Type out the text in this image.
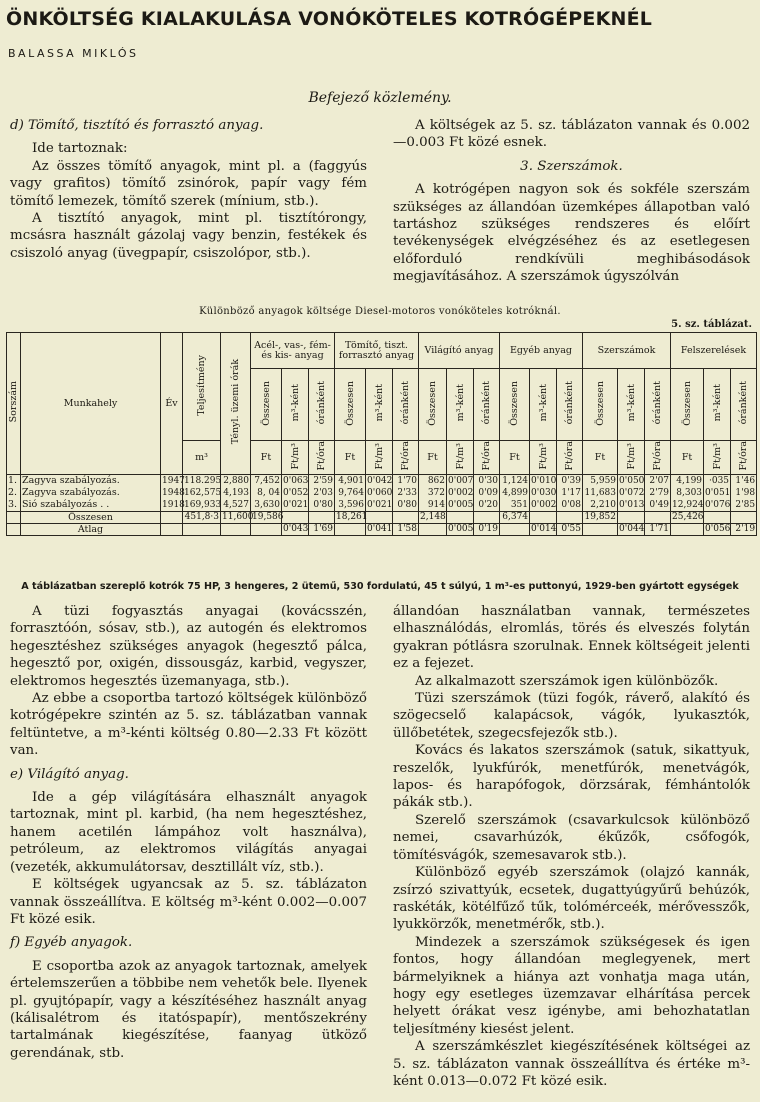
ÖNKÖLTSÉG KIALAKULÁSA VONÓKÖTELES KOTRÓGÉPEKNÉL
BALASSA MIKLÓS
Befejező közlemény.

d) Tömítő, tisztító és forrasztó anyag.

Ide tartoznak:

Az összes tömítő anyagok, mint pl. a (faggyús vagy grafitos) tömítő zsinórok, papír vagy fém tömítő lemezek, tömítő szerek (mínium, stb.).

A tisztító anyagok, mint pl. tisztítórongy, mcsásra használt gázolaj vagy benzin, festékek és csiszoló anyag (üvegpapír, csiszolópor, stb.).

A költségek az 5. sz. táblázaton vannak és 0.002—0.003 Ft közé esnek.

3. Szerszámok.

A kotrógépen nagyon sok és sokféle szerszám szükséges az állandóan üzemképes állapotban való tartáshoz szükséges rendszeres és előírt tevékenységek elvégzéséhez és az esetlegesen előforduló rendkívüli meghibásodások megjavításához. A szerszámok úgyszólván

Különböző anyagok költsége Diesel-motoros vonóköteles kotróknál.
5. sz. táblázat.
Sorszám	Munkahely	Év	Teljesítmény	Tényl. üzemi órák	Acél-, vas-, fém- és kis- anyag			Tömítő, tiszt. forrasztó anyag			Világító anyag			Egyéb anyag			Szerszámok			Felszerelések		
					Összesen	m³-ként	óránként	Összesen	m³-ként	óránként	Összesen	m³-ként	óránként	Összesen	m³-ként	óránként	Összesen	m³-ként	óránként	Összesen	m³-ként	óránként
			m³		Ft	Ft/m³	Ft/óra	Ft	Ft/m³	Ft/óra	Ft	Ft/m³	Ft/óra	Ft	Ft/m³	Ft/óra	Ft	Ft/m³	Ft/óra	Ft	Ft/m³	Ft/óra
1.	Zagyva szabályozás.	1947	118.295	2,880	7,452	0'063	2'59	4,901	0'042	1'70	862	0'007	0'30	1,124	0'010	0'39	5,959	0'050	2'07	4,199	·035	1'46
2.	Zagyva szabályozás.	1948	162,575	4,193	8, 04	0'052	2'03	9,764	0'060	2'33	372	0'002	0'09	4,899	0'030	1'17	11,683	0'072	2'79	8,303	0'051	1'98
3.	Sió szabályozás . .	1918	169,933	4,527	3,630	0'021	0'80	3,596	0'021	0'80	914	0'005	0'20	351	0'002	0'08	2,210	0'013	0'49	12,924	0'076	2'85
	Összesen		451,8·3	11,600	19,586			18,261			2,148			6,374			19,852			25,426		
	Atlag					0'043	1'69		0'041	1'58		0'005	0'19		0'014	0'55		0'044	1'71		0'056	2'19
A táblázatban szereplő kotrók 75 HP, 3 hengeres, 2 ütemű, 530 fordulatú, 45 t súlyú, 1 m³-es puttonyú, 1929-ben gyártott egységek

A tüzi fogyasztás anyagai (kovácsszén, forrasztóón, sósav, stb.), az autogén és elektromos hegesztéshez szükséges anyagok (hegesztő pálca, hegesztő por, oxigén, dissousgáz, karbid, vegyszer, elektromos hegesztés üzemanyaga, stb.).

Az ebbe a csoportba tartozó költségek különböző kotrógépekre szintén az 5. sz. táblázatban vannak feltüntetve, a m³-kénti költség 0.80—2.33 Ft között van.

e) Világító anyag.

Ide a gép világítására elhasznált anyagok tartoznak, mint pl. karbid, (ha nem hegesztéshez, hanem acetilén lámpához volt használva), petróleum, az elektromos világítás anyagai (vezeték, akkumulátorsav, desztillált víz, stb.).

E költségek ugyancsak az 5. sz. táblázaton vannak összeállítva. E költség m³-ként 0.002—0.007 Ft közé esik.

f) Egyéb anyagok.

E csoportba azok az anyagok tartoznak, amelyek értelemszerűen a többibe nem vehetők bele. Ilyenek pl. gyujtópapír, vagy a készítéséhez használt anyag (kálisalétrom és itatóspapír), mentőszekrény tartalmának kiegészítése, faanyag ütköző gerendának, stb.

állandóan használatban vannak, természetes elhasználódás, elromlás, törés és elveszés folytán gyakran pótlásra szorulnak. Ennek költségeit jelenti ez a fejezet.

Az alkalmazott szerszámok igen különbözők.

Tüzi szerszámok (tüzi fogók, ráverő, alakító és szögecselő kalapácsok, vágók, lyukasztók, üllőbetétek, szegecsfejezők stb.).

Kovács és lakatos szerszámok (satuk, sikattyuk, reszelők, lyukfúrók, menetfúrók, menetvágók, lapos- és harapófogok, dörzsárak, fémhántolók pákák stb.).

Szerelő szerszámok (csavarkulcsok különböző nemei, csavarhúzók, ékűzők, csőfogók, tömítésvágók, szemesavarok stb.).

Különböző egyéb szerszámok (olajzó kannák, zsírzó szivattyúk, ecsetek, dugattyúgyűrű behúzók, raskéták, kötélfűző tűk, tolómérceék, mérővesszők, lyukkörzők, menetmérők, stb.).

Mindezek a szerszámok szükségesek és igen fontos, hogy állandóan meglegyenek, mert bármelyiknek a hiánya azt vonhatja maga után, hogy egy esetleges üzemzavar elhárítása percek helyett órákat vesz igénybe, ami behozhatatlan teljesítmény kiesést jelent.

A szerszámkészlet kiegészítésének költségei az 5. sz. táblázaton vannak összeállítva és értéke m³-ként 0.013—0.072 Ft közé esik.
